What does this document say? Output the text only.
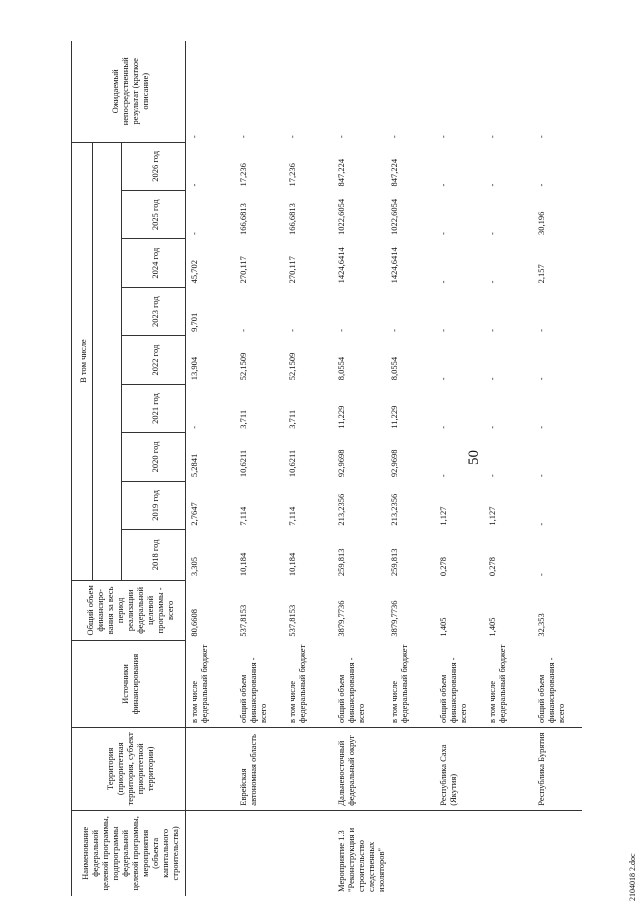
50
Наименование федеральной целевой программы, подпрограммы федеральной целевой программы, мероприятия (объекта капитального строительства)	Территория (приоритетная территория, субъект приоритетной территории)	Источники финансирования	Общий объем финансиро-вания за весь период реализации федеральной целевой программы - всего	В том числе									Ожидаемый непосредственный результат (краткое описание)

				2018 год	2019 год	2020 год	2021 год	2022 год	2023 год	2024 год	2025 год	2026 год	
		в том числе федеральный бюджет	80,6608	3,305	2,7647	5,2841	-	13,904	9,701	45,702	-	-	-
	Еврейская автономная область	общий объем финансирования - всего	537,8153	10,184	7,114	10,6211	3,711	52,1509	-	270,117	166,6813	17,236	-
		в том числе федеральный бюджет	537,8153	10,184	7,114	10,6211	3,711	52,1509	-	270,117	166,6813	17,236	-
Мероприятие 1.3 "Реконструкция и строительство следственных изоляторов"	Дальневосточный федеральный округ	общий объем финансирования - всего	3879,7736	259,813	213,2356	92,9698	11,229	8,0554	-	1424,6414	1022,6054	847,224	-
		в том числе федеральный бюджет	3879,7736	259,813	213,2356	92,9698	11,229	8,0554	-	1424,6414	1022,6054	847,224	-
	Республика Саха (Якутия)	общий объем финансирования - всего	1,405	0,278	1,127	-	-	-	-	-	-	-	-
		в том числе федеральный бюджет	1,405	0,278	1,127	-	-	-	-	-	-	-	-
	Республика Бурятия	общий объем финансирования - всего	32,353	-	-	-	-	-	-	2,157	30,196	-	-
2104018 2.doc
